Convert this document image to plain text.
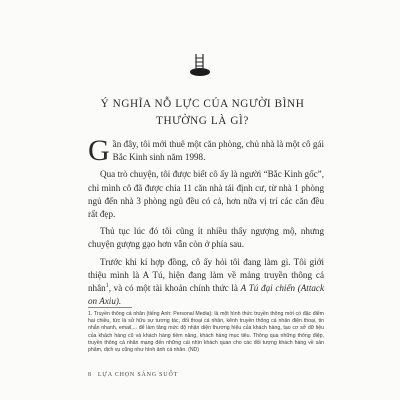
Ý NGHĨA NỖ LỰC CỦA NGƯỜI BÌNH THƯỜNG LÀ GÌ?

Gần đây, tôi mới thuê một căn phòng, chủ nhà là một cô gái Bắc Kinh sinh năm 1998.

Qua trò chuyện, tôi được biết cô ấy là người “Bắc Kinh gốc”, chỉ mình cô đã được chia 11 căn nhà tái định cư, từ nhà 1 phòng ngủ đến nhà 3 phòng ngủ đều có cả, hơn nữa vị trí các căn đều rất đẹp.

Thủ tục lúc đó tôi cũng ít nhiều thấy ngượng mộ, nhưng chuyện gượng gạo hơn vẫn còn ở phía sau.

Trước khi kí hợp đồng, cô ấy hỏi tôi đang làm gì. Tôi giới thiệu mình là A Tú, hiện đang làm về mảng truyền thông cá nhân$^1$, và có một tài khoản chính thức là A Tú đại chiến (Attack on Axiu).

1. Truyền thông cá nhân (tiếng Anh: Personal Media): là một hình thức truyền thông mới có đặc điểm hai chiều, tức là sử hữu sự tương tác, đối thoại cá nhân, kênh truyền thông cá nhân điện thoại, tin nhắn nhanh, email,... để làm tăng mức độ nhận diện thương hiệu của khách hàng, tạo cơ sở dữ liệu của khách hàng cũ và khách hàng tiềm năng, khách hàng mục tiêu. Thông qua những thông điệp, truyền thông cá nhân mang đến những cái nhìn khách quan cho các đối tượng khách hàng về sản phẩm, dịch vụ cũng như hình ảnh cá nhân. (ND)
8 LỰA CHỌN SÀNG SUỐT
